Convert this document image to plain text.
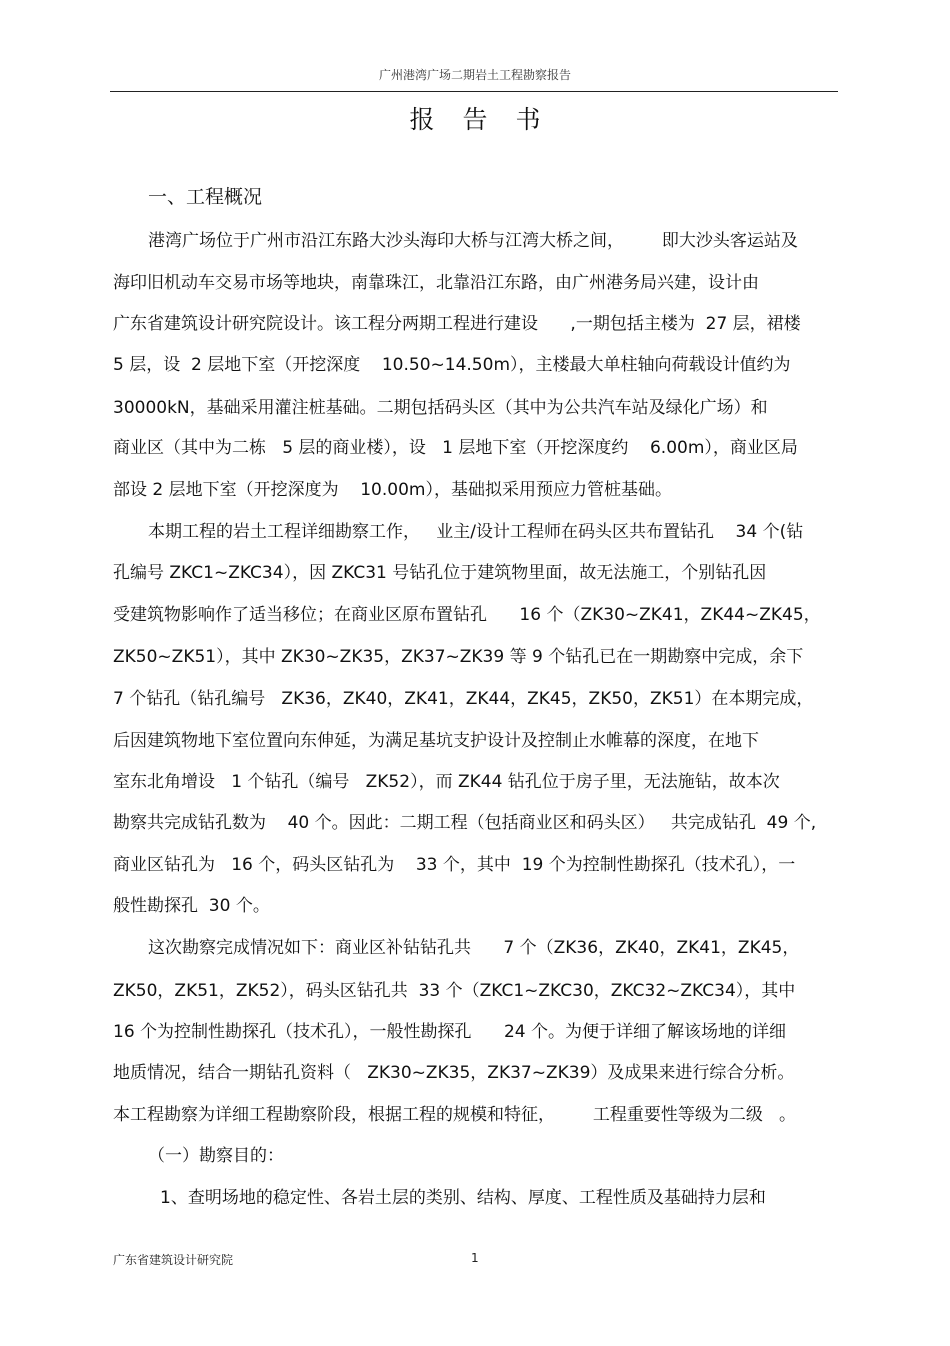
广州港湾广场二期岩土工程勘察报告
报告书
一、工程概况
港湾广场位于广州市沿江东路大沙头海印大桥与江湾大桥之间，       即大沙头客运站及
海印旧机动车交易市场等地块，南靠珠江，北靠沿江东路，由广州港务局兴建，设计由
广东省建筑设计研究院设计。该工程分两期工程进行建设      ,一期包括主楼为  27 层，裙楼
5 层，设  2 层地下室（开挖深度    10.50~14.50m），主楼最大单柱轴向荷载设计值约为
30000kN，基础采用灌注桩基础。二期包括码头区（其中为公共汽车站及绿化广场）和
商业区（其中为二栋   5 层的商业楼），设   1 层地下室（开挖深度约    6.00m），商业区局
部设 2 层地下室（开挖深度为    10.00m），基础拟采用预应力管桩基础。
本期工程的岩土工程详细勘察工作，   业主/设计工程师在码头区共布置钻孔    34 个(钻
孔编号 ZKC1~ZKC34），因 ZKC31 号钻孔位于建筑物里面，故无法施工，个别钻孔因
受建筑物影响作了适当移位；在商业区原布置钻孔      16 个（ZK30~ZK41，ZK44~ZK45，
ZK50~ZK51），其中 ZK30~ZK35，ZK37~ZK39 等 9 个钻孔已在一期勘察中完成，余下
7 个钻孔（钻孔编号   ZK36，ZK40，ZK41，ZK44，ZK45，ZK50，ZK51）在本期完成，
后因建筑物地下室位置向东伸延，为满足基坑支护设计及控制止水帷幕的深度，在地下
室东北角增设   1 个钻孔（编号   ZK52），而 ZK44 钻孔位于房子里，无法施钻，故本次
勘察共完成钻孔数为    40 个。因此：二期工程（包括商业区和码头区）   共完成钻孔  49 个,
商业区钻孔为   16 个，码头区钻孔为    33 个，其中  19 个为控制性勘探孔（技术孔），一
般性勘探孔  30 个。
这次勘察完成情况如下：商业区补钻钻孔共      7 个（ZK36，ZK40，ZK41，ZK45，
ZK50，ZK51，ZK52），码头区钻孔共  33 个（ZKC1~ZKC30，ZKC32~ZKC34），其中
16 个为控制性勘探孔（技术孔），一般性勘探孔      24 个。为便于详细了解该场地的详细
地质情况，结合一期钻孔资料（   ZK30~ZK35，ZK37~ZK39）及成果来进行综合分析。
本工程勘察为详细工程勘察阶段，根据工程的规模和特征，       工程重要性等级为二级   。
（一）勘察目的：
1、查明场地的稳定性、各岩土层的类别、结构、厚度、工程性质及基础持力层和
广东省建筑设计研究院	1
